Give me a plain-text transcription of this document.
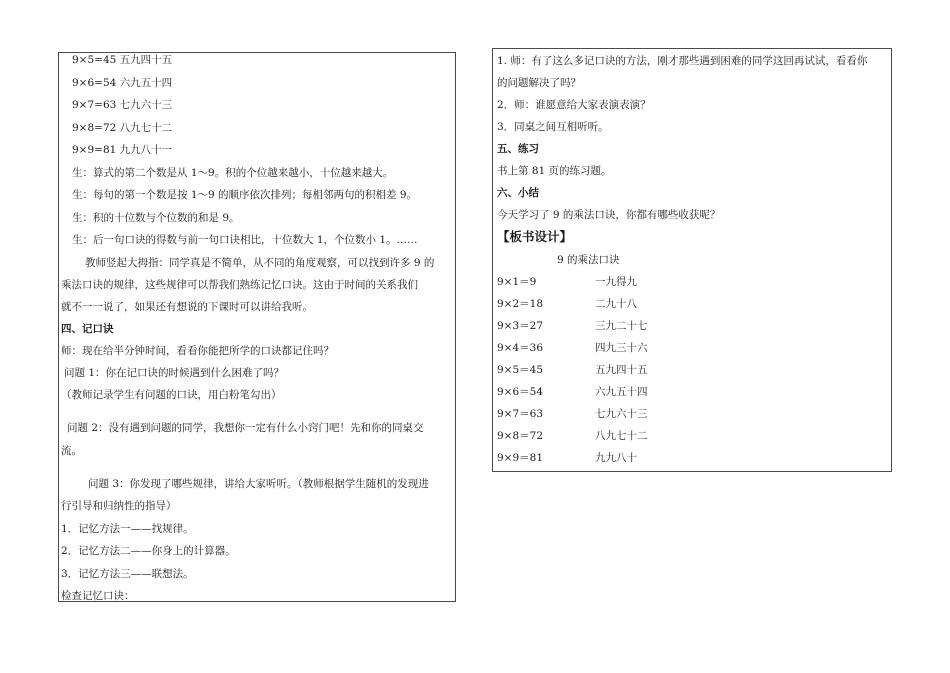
9×5=45 五九四十五
9×6=54 六九五十四
9×7=63 七九六十三
9×8=72 八九七十二
9×9=81 九九八十一
生：算式的第二个数是从 1～9。积的个位越来越小，十位越来越大。
生：每句的第一个数是按 1～9 的顺序依次排列；每相邻两句的积相差 9。
生：积的十位数与个位数的和是 9。
生：后一句口诀的得数与前一句口诀相比，十位数大 1，个位数小 1。……
教师竖起大拇指：同学真是不简单，从不同的角度观察，可以找到许多 9 的
乘法口诀的规律，这些规律可以帮我们熟练记忆口诀。这由于时间的关系我们
就不一一说了，如果还有想说的下课时可以讲给我听。
四、记口诀
师：现在给半分钟时间，看看你能把所学的口诀都记住吗？
问题 1：你在记口诀的时候遇到什么困难了吗？
（教师记录学生有问题的口诀，用白粉笔勾出）
问题 2：没有遇到问题的同学，我想你一定有什么小窍门吧！先和你的同桌交
流。
问题 3：你发现了哪些规律，讲给大家听听。（教师根据学生随机的发现进
行引导和归纳性的指导）
1．记忆方法一——找规律。
2．记忆方法二——你身上的计算器。
3．记忆方法三——联想法。
检查记忆口诀：
1. 师：有了这么多记口诀的方法，刚才那些遇到困难的同学这回再试试，看看你
的问题解决了吗？
2．师：谁愿意给大家表演表演？
3．同桌之间互相听听。
五、练习
书上第 81 页的练习题。
六、小结
今天学习了 9 的乘法口诀，你都有哪些收获呢？
【板书设计】
9 的乘法口诀
9×1＝9	一九得九
9×2＝18	二九十八
9×3＝27	三九二十七
9×4＝36	四九三十六
9×5＝45	五九四十五
9×6＝54	六九五十四
9×7＝63	七九六十三
9×8＝72	八九七十二
9×9＝81	九九八十
